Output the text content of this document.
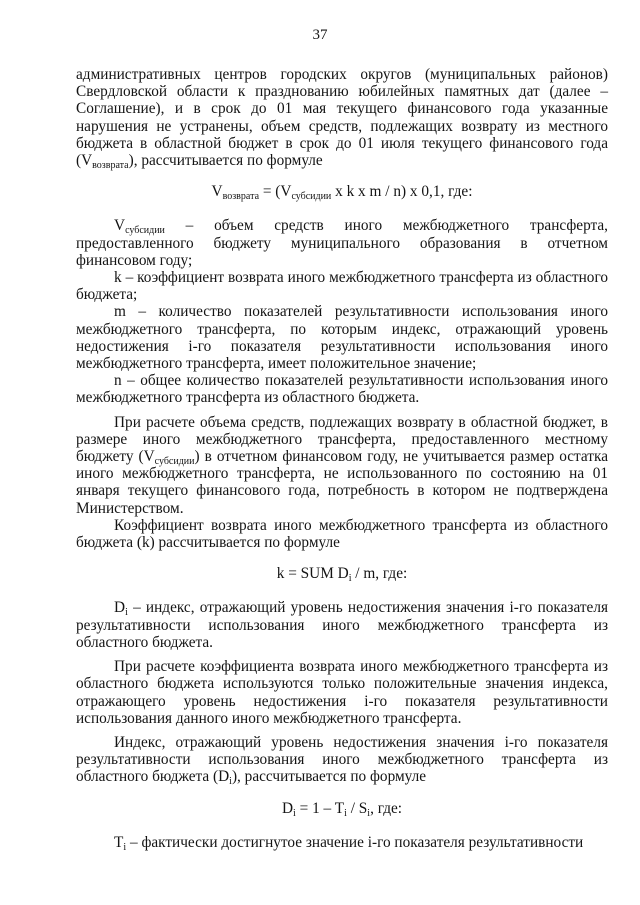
37

административных центров городских округов (муниципальных районов) Свердловской области к празднованию юбилейных памятных дат (далее – Соглашение), и в срок до 01 мая текущего финансового года указанные нарушения не устранены, объем средств, подлежащих возврату из местного бюджета в областной бюджет в срок до 01 июля текущего финансового года $(V_{возврата})$, рассчитывается по формуле

$V_{возврата} = (V_{субсидии}$ x k x m / n) x 0,1, где:

$V_{субсидии}$ – объем средств иного межбюджетного трансферта, предоставленного бюджету муниципального образования в отчетном финансовом году;

k – коэффициент возврата иного межбюджетного трансферта из областного бюджета;

m – количество показателей результативности использования иного межбюджетного трансферта, по которым индекс, отражающий уровень недостижения i-го показателя результативности использования иного межбюджетного трансферта, имеет положительное значение;

n – общее количество показателей результативности использования иного межбюджетного трансферта из областного бюджета.

При расчете объема средств, подлежащих возврату в областной бюджет, в размере иного межбюджетного трансферта, предоставленного местному бюджету $(V_{субсидии})$ в отчетном финансовом году, не учитывается размер остатка иного межбюджетного трансферта, не использованного по состоянию на 01 января текущего финансового года, потребность в котором не подтверждена Министерством.

Коэффициент возврата иного межбюджетного трансферта из областного бюджета (k) рассчитывается по формуле

k = SUM $D_i$ / m, где:

$D_i$ – индекс, отражающий уровень недостижения значения i-го показателя результативности использования иного межбюджетного трансферта из областного бюджета.

При расчете коэффициента возврата иного межбюджетного трансферта из областного бюджета используются только положительные значения индекса, отражающего уровень недостижения i-го показателя результативности использования данного иного межбюджетного трансферта.

Индекс, отражающий уровень недостижения значения i-го показателя результативности использования иного межбюджетного трансферта из областного бюджета $(D_i)$, рассчитывается по формуле

$D_i = 1 - T_i / S_i$, где:

$T_i$ – фактически достигнутое значение i-го показателя результативности
